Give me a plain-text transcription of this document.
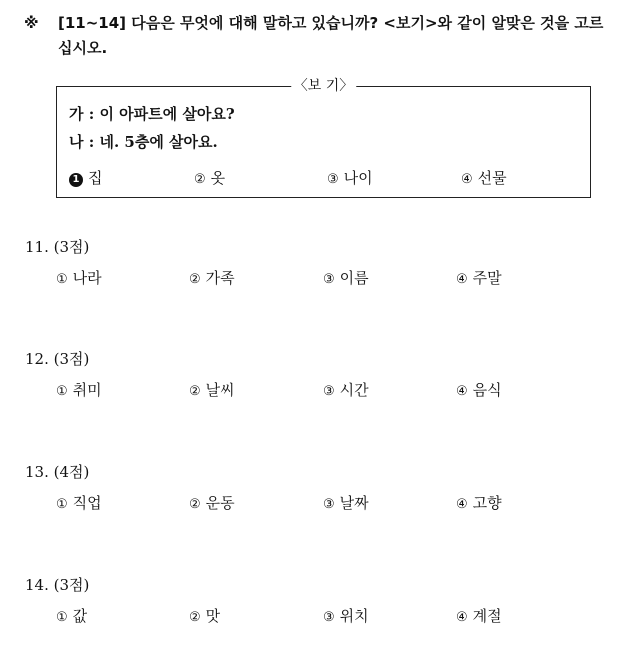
※ [11~14] 다음은 무엇에 대해 말하고 있습니까? <보기>와 같이 알맞은 것을 고르
십시오.
〈보 기〉
가 : 이 아파트에 살아요?
나 : 네. 5층에 살아요.
1 집	② 옷	③ 나이	④ 선물
11. (3점)
① 나라	② 가족	③ 이름	④ 주말
12. (3점)
① 취미	② 날씨	③ 시간	④ 음식
13. (4점)
① 직업	② 운동	③ 날짜	④ 고향
14. (3점)
① 값	② 맛	③ 위치	④ 계절
